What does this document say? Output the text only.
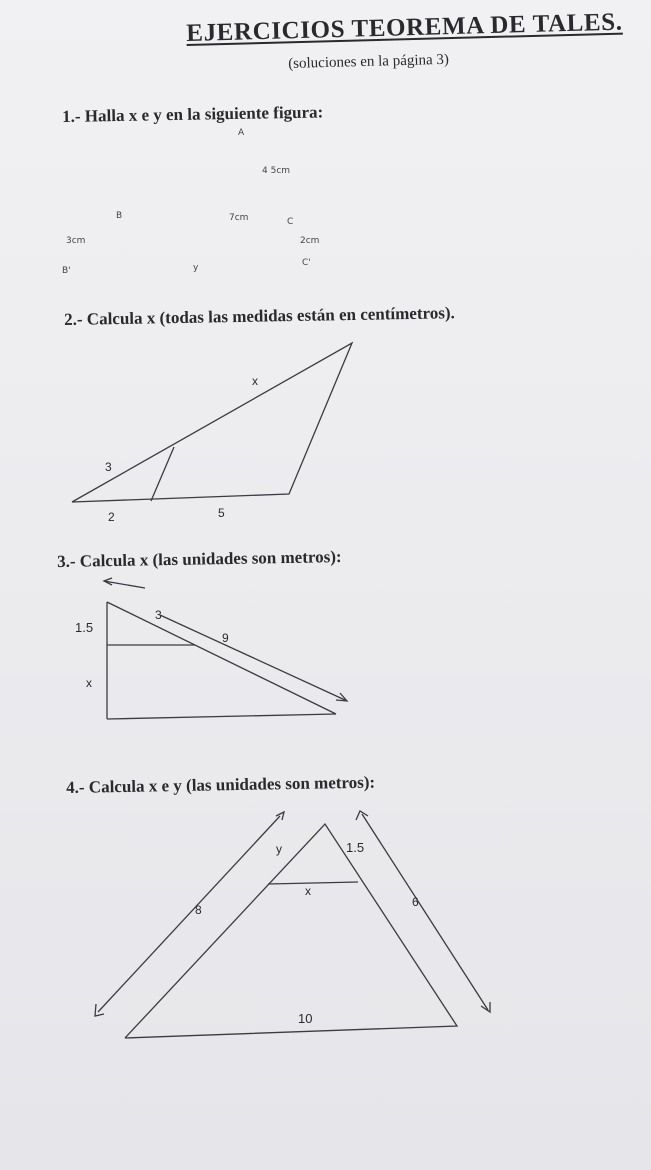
EJERCICIOS TEOREMA DE TALES.
(soluciones en la página 3)
1.- Halla x e y en la siguiente figura:
2.- Calcula x (todas las medidas están en centímetros).
3.- Calcula x (las unidades son metros):
4.- Calcula x e y (las unidades son metros):
A
4 5cm
B	7cm	C
3cm	2cm
B'	y	C'
x
3
2	5
1.5
3
9
x
y	1.5
x
8
6
10
